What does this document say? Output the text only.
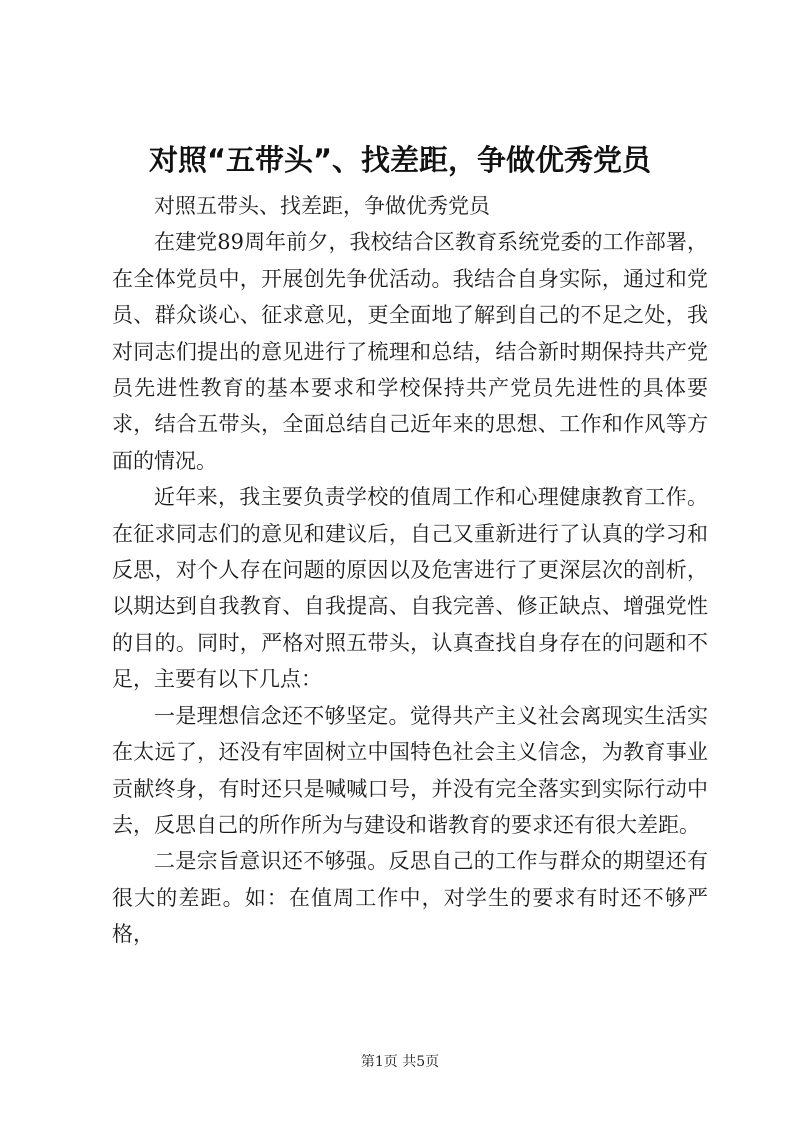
对照“五带头”、找差距，争做优秀党员

对照五带头、找差距，争做优秀党员

在建党89周年前夕，我校结合区教育系统党委的工作部署，在全体党员中，开展创先争优活动。我结合自身实际，通过和党员、群众谈心、征求意见，更全面地了解到自己的不足之处，我对同志们提出的意见进行了梳理和总结，结合新时期保持共产党员先进性教育的基本要求和学校保持共产党员先进性的具体要求，结合五带头，全面总结自己近年来的思想、工作和作风等方面的情况。

近年来，我主要负责学校的值周工作和心理健康教育工作。在征求同志们的意见和建议后，自己又重新进行了认真的学习和反思，对个人存在问题的原因以及危害进行了更深层次的剖析，以期达到自我教育、自我提高、自我完善、修正缺点、增强党性的目的。同时，严格对照五带头，认真查找自身存在的问题和不足，主要有以下几点：

一是理想信念还不够坚定。觉得共产主义社会离现实生活实在太远了，还没有牢固树立中国特色社会主义信念，为教育事业贡献终身，有时还只是喊喊口号，并没有完全落实到实际行动中去，反思自己的所作所为与建设和谐教育的要求还有很大差距。

二是宗旨意识还不够强。反思自己的工作与群众的期望还有很大的差距。如：在值周工作中，对学生的要求有时还不够严格，

第1页 共5页
